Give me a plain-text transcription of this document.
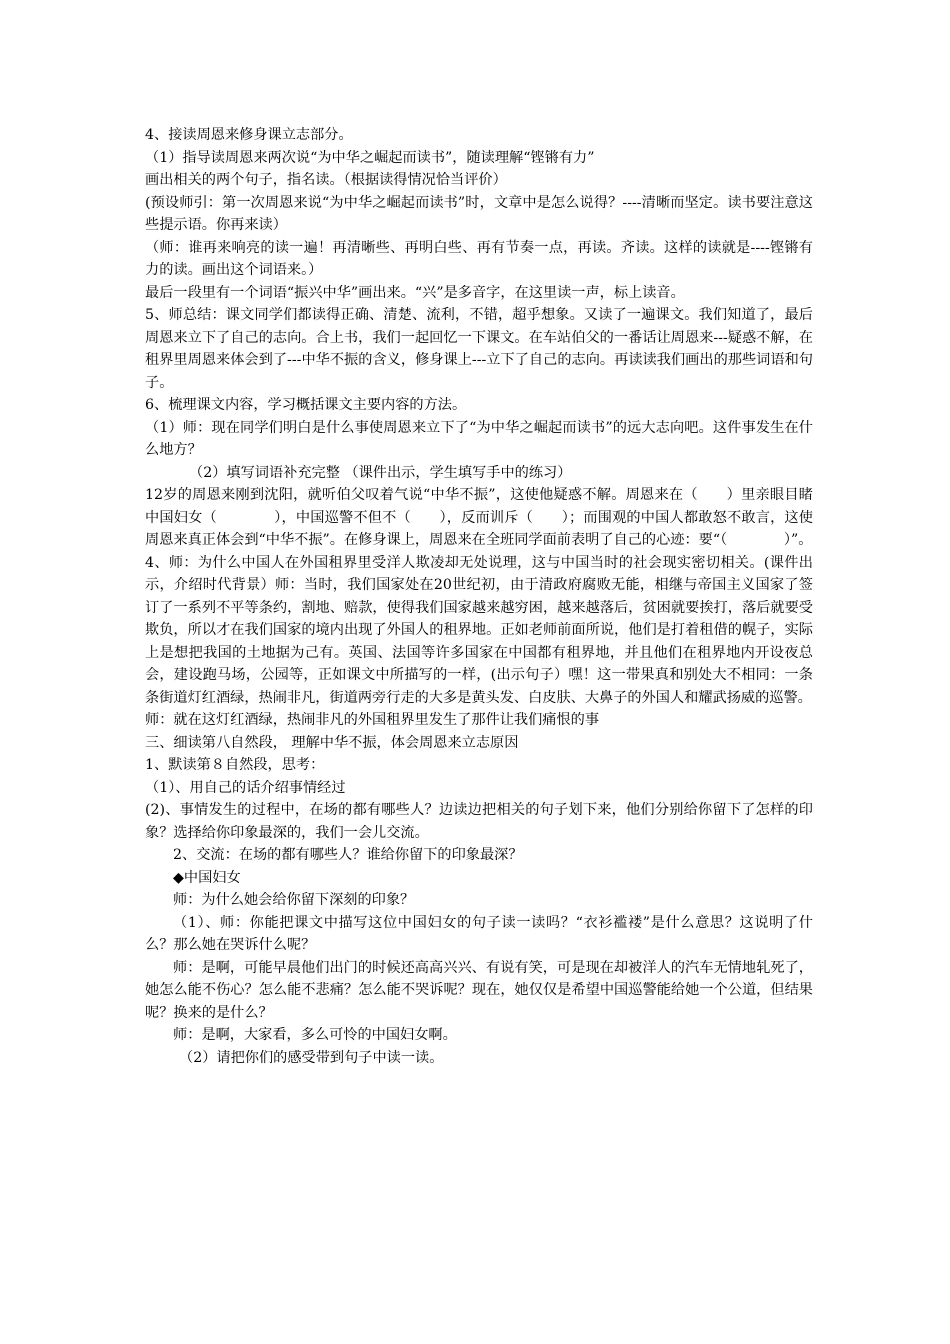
4、接读周恩来修身课立志部分。

（1）指导读周恩来两次说“为中华之崛起而读书”，随读理解“铿锵有力”

画出相关的两个句子，指名读。（根据读得情况恰当评价）

(预设师引：第一次周恩来说“为中华之崛起而读书”时，文章中是怎么说得？----清晰而坚定。读书要注意这些提示语。你再来读）

（师：谁再来响亮的读一遍！再清晰些、再明白些、再有节奏一点，再读。齐读。这样的读就是----铿锵有力的读。画出这个词语来。）

最后一段里有一个词语“振兴中华”画出来。“兴”是多音字，在这里读一声，标上读音。

5、师总结：课文同学们都读得正确、清楚、流利，不错，超乎想象。又读了一遍课文。我们知道了，最后周恩来立下了自己的志向。合上书，我们一起回忆一下课文。在车站伯父的一番话让周恩来---疑惑不解，在租界里周恩来体会到了---中华不振的含义，修身课上---立下了自己的志向。再读读我们画出的那些词语和句子。

6、梳理课文内容，学习概括课文主要内容的方法。

（1）师：现在同学们明白是什么事使周恩来立下了“为中华之崛起而读书”的远大志向吧。这件事发生在什么地方？

（2）填写词语补充完整 （课件出示，学生填写手中的练习）

12岁的周恩来刚到沈阳，就听伯父叹着气说“中华不振”，这使他疑惑不解。周恩来在（　　）里亲眼目睹中国妇女（　　　　），中国巡警不但不（　　），反而训斥（　　）；而围观的中国人都敢怒不敢言，这使周恩来真正体会到“中华不振”。在修身课上，周恩来在全班同学面前表明了自己的心迹：要“（　　　　）”。

4、师：为什么中国人在外国租界里受洋人欺凌却无处说理，这与中国当时的社会现实密切相关。(课件出示，介绍时代背景）师：当时，我们国家处在20世纪初，由于清政府腐败无能，相继与帝国主义国家了签订了一系列不平等条约，割地、赔款，使得我们国家越来越穷困，越来越落后，贫困就要挨打，落后就要受欺负，所以才在我们国家的境内出现了外国人的租界地。正如老师前面所说，他们是打着租借的幌子，实际上是想把我国的土地据为己有。英国、法国等许多国家在中国都有租界地，并且他们在租界地内开设夜总会，建设跑马场，公园等，正如课文中所描写的一样，(出示句子）嘿！这一带果真和别处大不相同：一条条街道灯红酒绿，热闹非凡，街道两旁行走的大多是黄头发、白皮肤、大鼻子的外国人和耀武扬威的巡警。

师：就在这灯红酒绿，热闹非凡的外国租界里发生了那件让我们痛恨的事

三、细读第八自然段， 理解中华不振，体会周恩来立志原因

1、默读第８自然段，思考：

（1）、用自己的话介绍事情经过

(2)、事情发生的过程中，在场的都有哪些人？边读边把相关的句子划下来，他们分别给你留下了怎样的印象？选择给你印象最深的，我们一会儿交流。

2、交流：在场的都有哪些人？谁给你留下的印象最深？

◆中国妇女

师：为什么她会给你留下深刻的印象？

（1）、师：你能把课文中描写这位中国妇女的句子读一读吗？“衣衫褴褛”是什么意思？这说明了什么？那么她在哭诉什么呢？

师：是啊，可能早晨他们出门的时候还高高兴兴、有说有笑，可是现在却被洋人的汽车无情地轧死了，她怎么能不伤心？怎么能不悲痛？怎么能不哭诉呢？现在，她仅仅是希望中国巡警能给她一个公道，但结果呢？换来的是什么？

师：是啊，大家看，多么可怜的中国妇女啊。

（2）请把你们的感受带到句子中读一读。
